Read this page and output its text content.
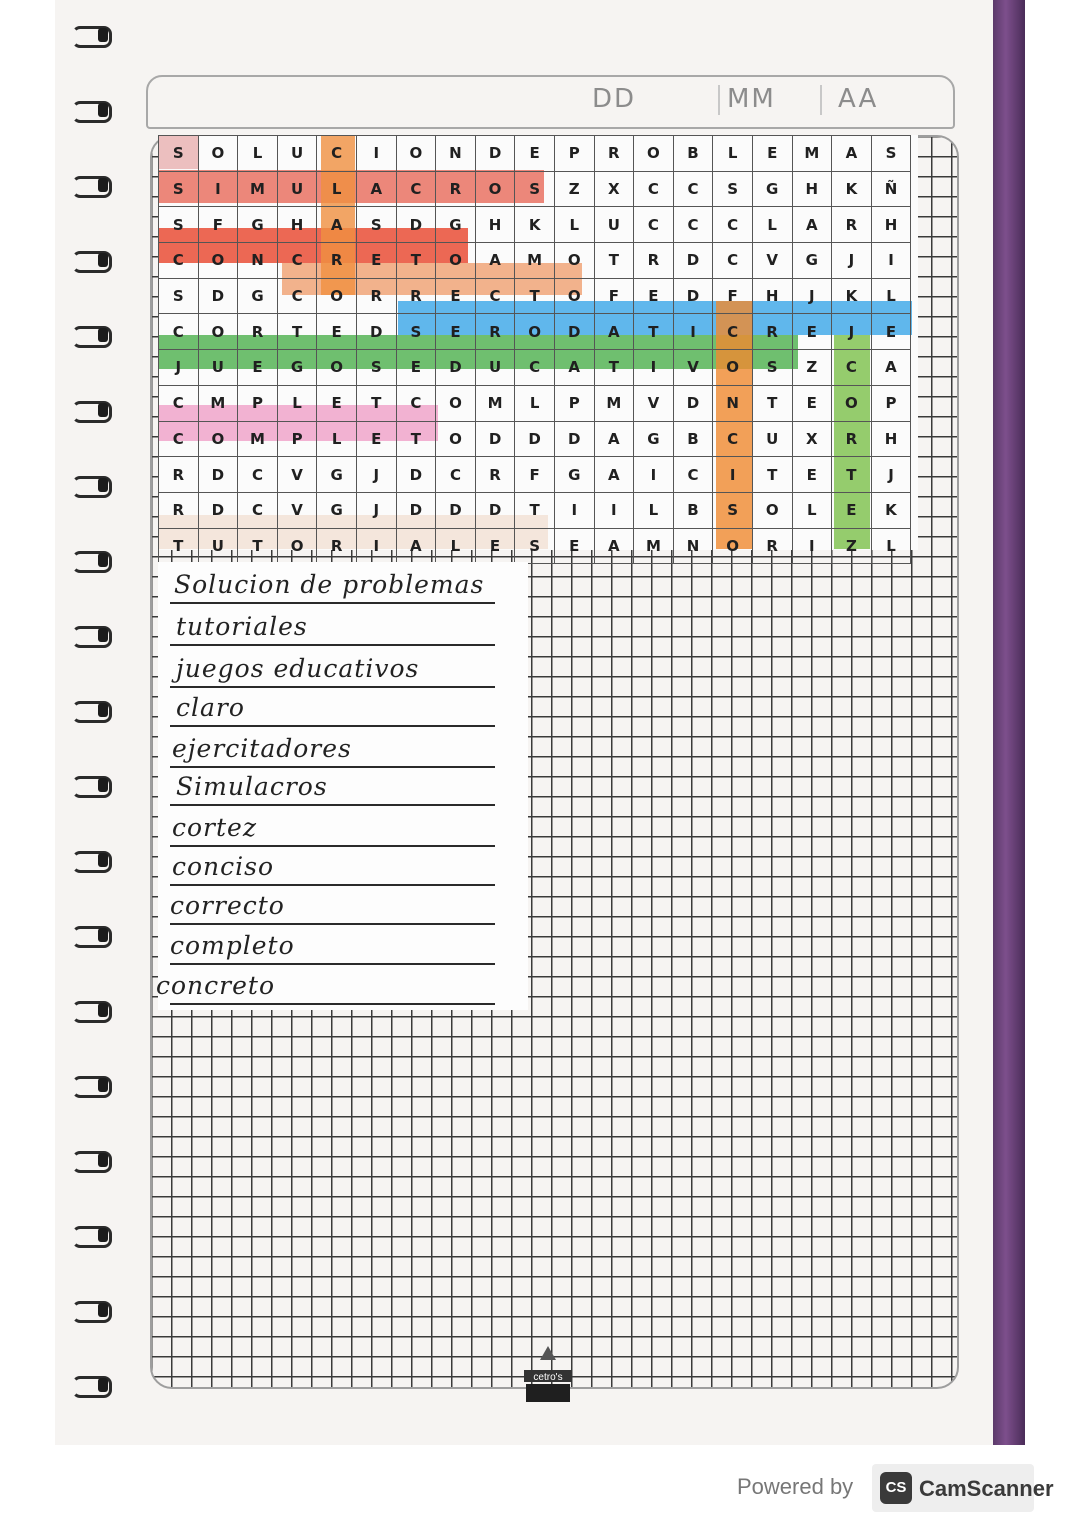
DD	MM AA
S	O	L	U	C	I	O	N	D	E	P	R	O	B	L	E	M	A	S
S	I	M	U	L	A	C	R	O	S	Z	X	C	C	S	G	H	K	Ñ
S	F	G	H	A	S	D	G	H	K	L	U	C	C	C	L	A	R	H
C	O	N	C	R	E	T	O	A	M	O	T	R	D	C	V	G	J	I
S	D	G	C	O	R	R	E	C	T	O	F	E	D	F	H	J	K	L
C	O	R	T	E	D	S	E	R	O	D	A	T	I	C	R	E	J	E
J	U	E	G	O	S	E	D	U	C	A	T	I	V	O	S	Z	C	A
C	M	P	L	E	T	C	O	M	L	P	M	V	D	N	T	E	O	P
C	O	M	P	L	E	T	O	D	D	D	A	G	B	C	U	X	R	H
R	D	C	V	G	J	D	C	R	F	G	A	I	C	I	T	E	T	J
R	D	C	V	G	J	D	D	D	T	I	I	L	B	S	O	L	E	K
T	U	T	O	R	I	A	L	E	S	E	A	M	N	O	R	I	Z	L
Solucion de problemas
tutoriales
juegos educativos
claro
ejercitadores
Simulacros
cortez
conciso
correcto
completo
concreto
cetro's
Powered by	CS CamScanner
